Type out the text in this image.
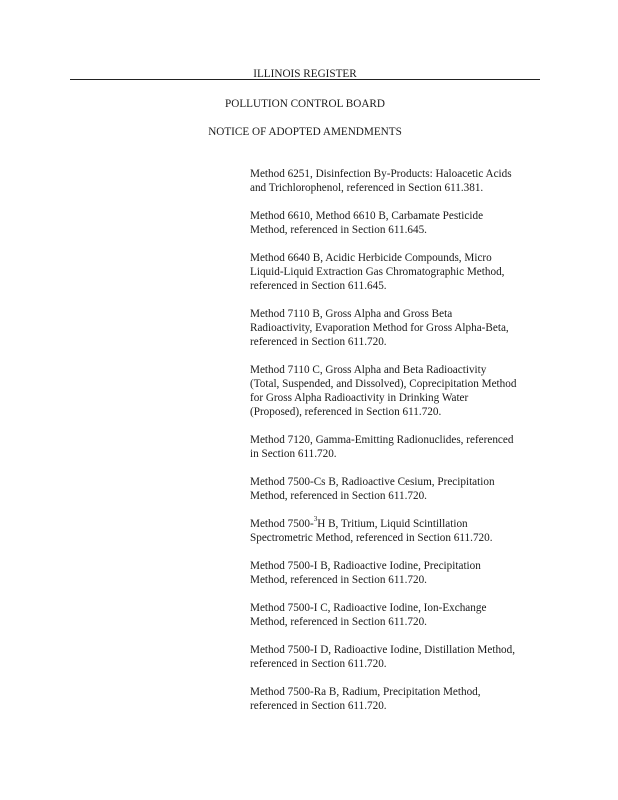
ILLINOIS REGISTER
POLLUTION CONTROL BOARD
NOTICE OF ADOPTED AMENDMENTS
Method 6251, Disinfection By-Products: Haloacetic Acids
and Trichlorophenol, referenced in Section 611.381.
Method 6610, Method 6610 B, Carbamate Pesticide
Method, referenced in Section 611.645.
Method 6640 B, Acidic Herbicide Compounds, Micro
Liquid-Liquid Extraction Gas Chromatographic Method,
referenced in Section 611.645.
Method 7110 B, Gross Alpha and Gross Beta
Radioactivity, Evaporation Method for Gross Alpha-Beta,
referenced in Section 611.720.
Method 7110 C, Gross Alpha and Beta Radioactivity
(Total, Suspended, and Dissolved), Coprecipitation Method
for Gross Alpha Radioactivity in Drinking Water
(Proposed), referenced in Section 611.720.
Method 7120, Gamma-Emitting Radionuclides, referenced
in Section 611.720.
Method 7500-Cs B, Radioactive Cesium, Precipitation
Method, referenced in Section 611.720.
Method 7500-$^3$H B, Tritium, Liquid Scintillation
Spectrometric Method, referenced in Section 611.720.
Method 7500-I B, Radioactive Iodine, Precipitation
Method, referenced in Section 611.720.
Method 7500-I C, Radioactive Iodine, Ion-Exchange
Method, referenced in Section 611.720.
Method 7500-I D, Radioactive Iodine, Distillation Method,
referenced in Section 611.720.
Method 7500-Ra B, Radium, Precipitation Method,
referenced in Section 611.720.
